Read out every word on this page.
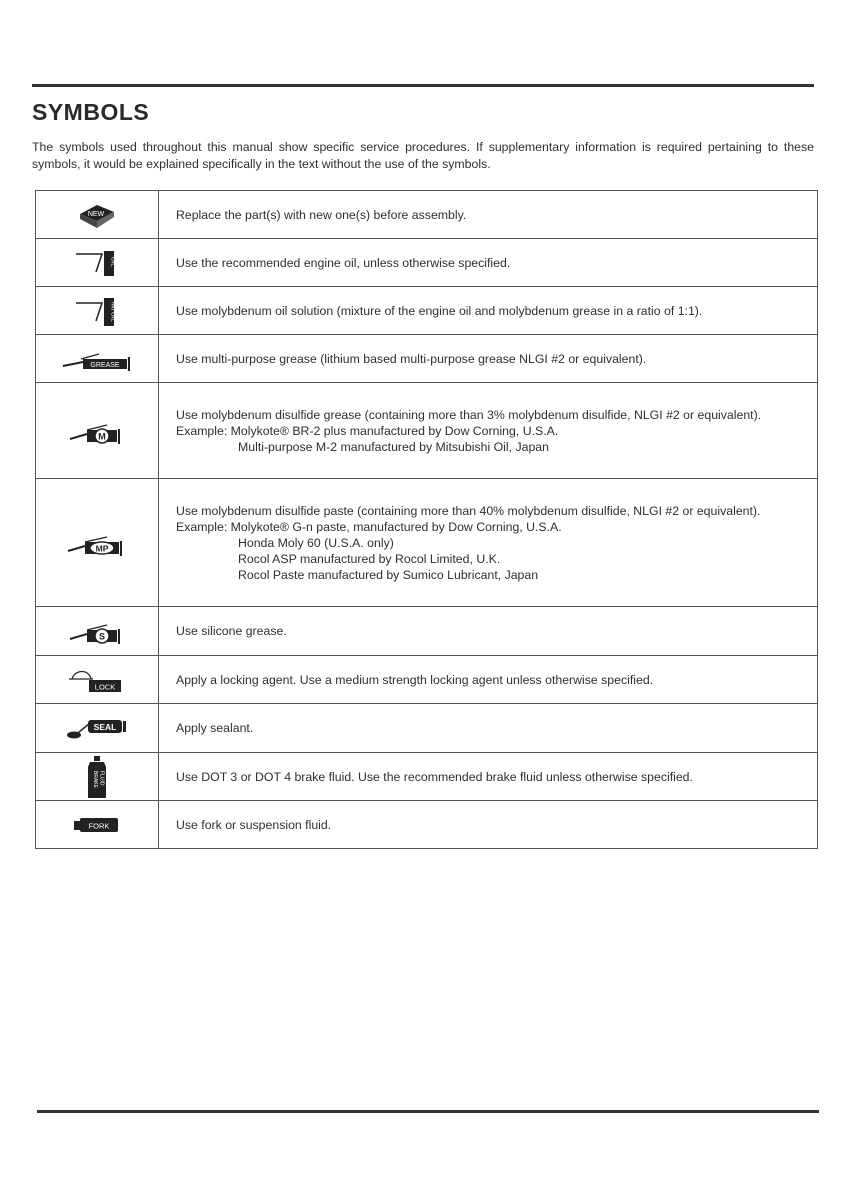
SYMBOLS
The symbols used throughout this manual show specific service procedures. If supplementary information is required pertaining to these symbols, it would be explained specifically in the text without the use of the symbols.
NEW	Replace the part(s) with new one(s) before assembly.

OIL	Use the recommended engine oil, unless otherwise specified.

Mo OIL	Use molybdenum oil solution (mixture of the engine oil and molybdenum grease in a ratio of 1:1).

GREASE	Use multi-purpose grease (lithium based multi-purpose grease NLGI #2 or equivalent).

M	Use molybdenum disulfide grease (containing more than 3% molybdenum disulfide, NLGI #2 or equivalent).
Example: Molykote® BR-2 plus manufactured by Dow Corning, U.S.A.
Multi-purpose M-2 manufactured by Mitsubishi Oil, Japan

MP	Use molybdenum disulfide paste (containing more than 40% molybdenum disulfide, NLGI #2 or equivalent).
Example: Molykote® G-n paste, manufactured by Dow Corning, U.S.A.
Honda Moly 60 (U.S.A. only)
Rocol ASP manufactured by Rocol Limited, U.K.
Rocol Paste manufactured by Sumico Lubricant, Japan

S	Use silicone grease.

LOCK	Apply a locking agent. Use a medium strength locking agent unless otherwise specified.

SEAL	Apply sealant.

BRAKE FLUID	Use DOT 3 or DOT 4 brake fluid. Use the recommended brake fluid unless otherwise specified.

FORK	Use fork or suspension fluid.
